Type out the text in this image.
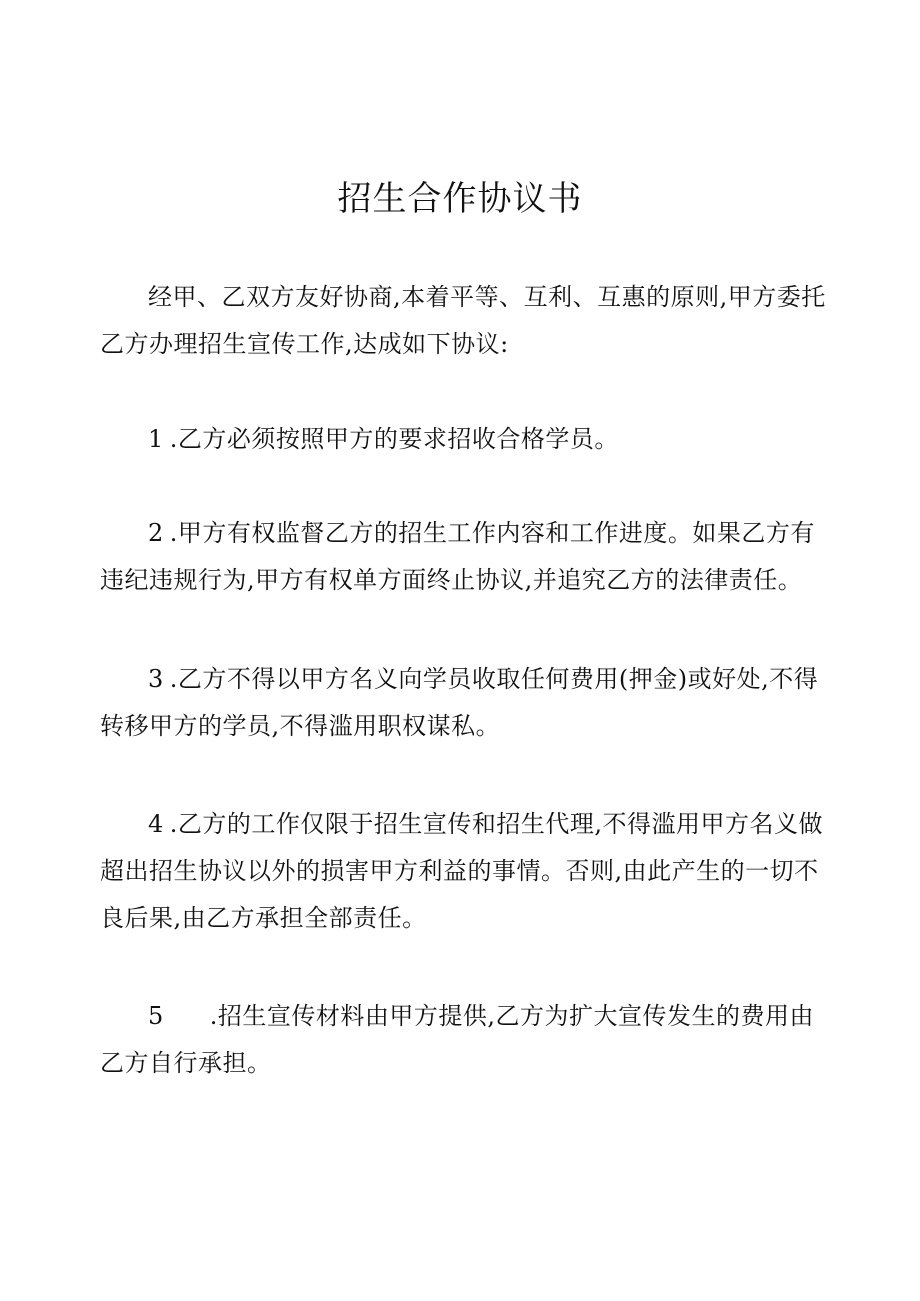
招生合作协议书

经甲、乙双方友好协商,本着平等、互利、互惠的原则,甲方委托乙方办理招生宣传工作,达成如下协议:

1 .乙方必须按照甲方的要求招收合格学员。

2 .甲方有权监督乙方的招生工作内容和工作进度。如果乙方有违纪违规行为,甲方有权单方面终止协议,并追究乙方的法律责任。

3 .乙方不得以甲方名义向学员收取任何费用(押金)或好处,不得转移甲方的学员,不得滥用职权谋私。

4 .乙方的工作仅限于招生宣传和招生代理,不得滥用甲方名义做超出招生协议以外的损害甲方利益的事情。否则,由此产生的一切不良后果,由乙方承担全部责任。

5 .招生宣传材料由甲方提供,乙方为扩大宣传发生的费用由乙方自行承担。
